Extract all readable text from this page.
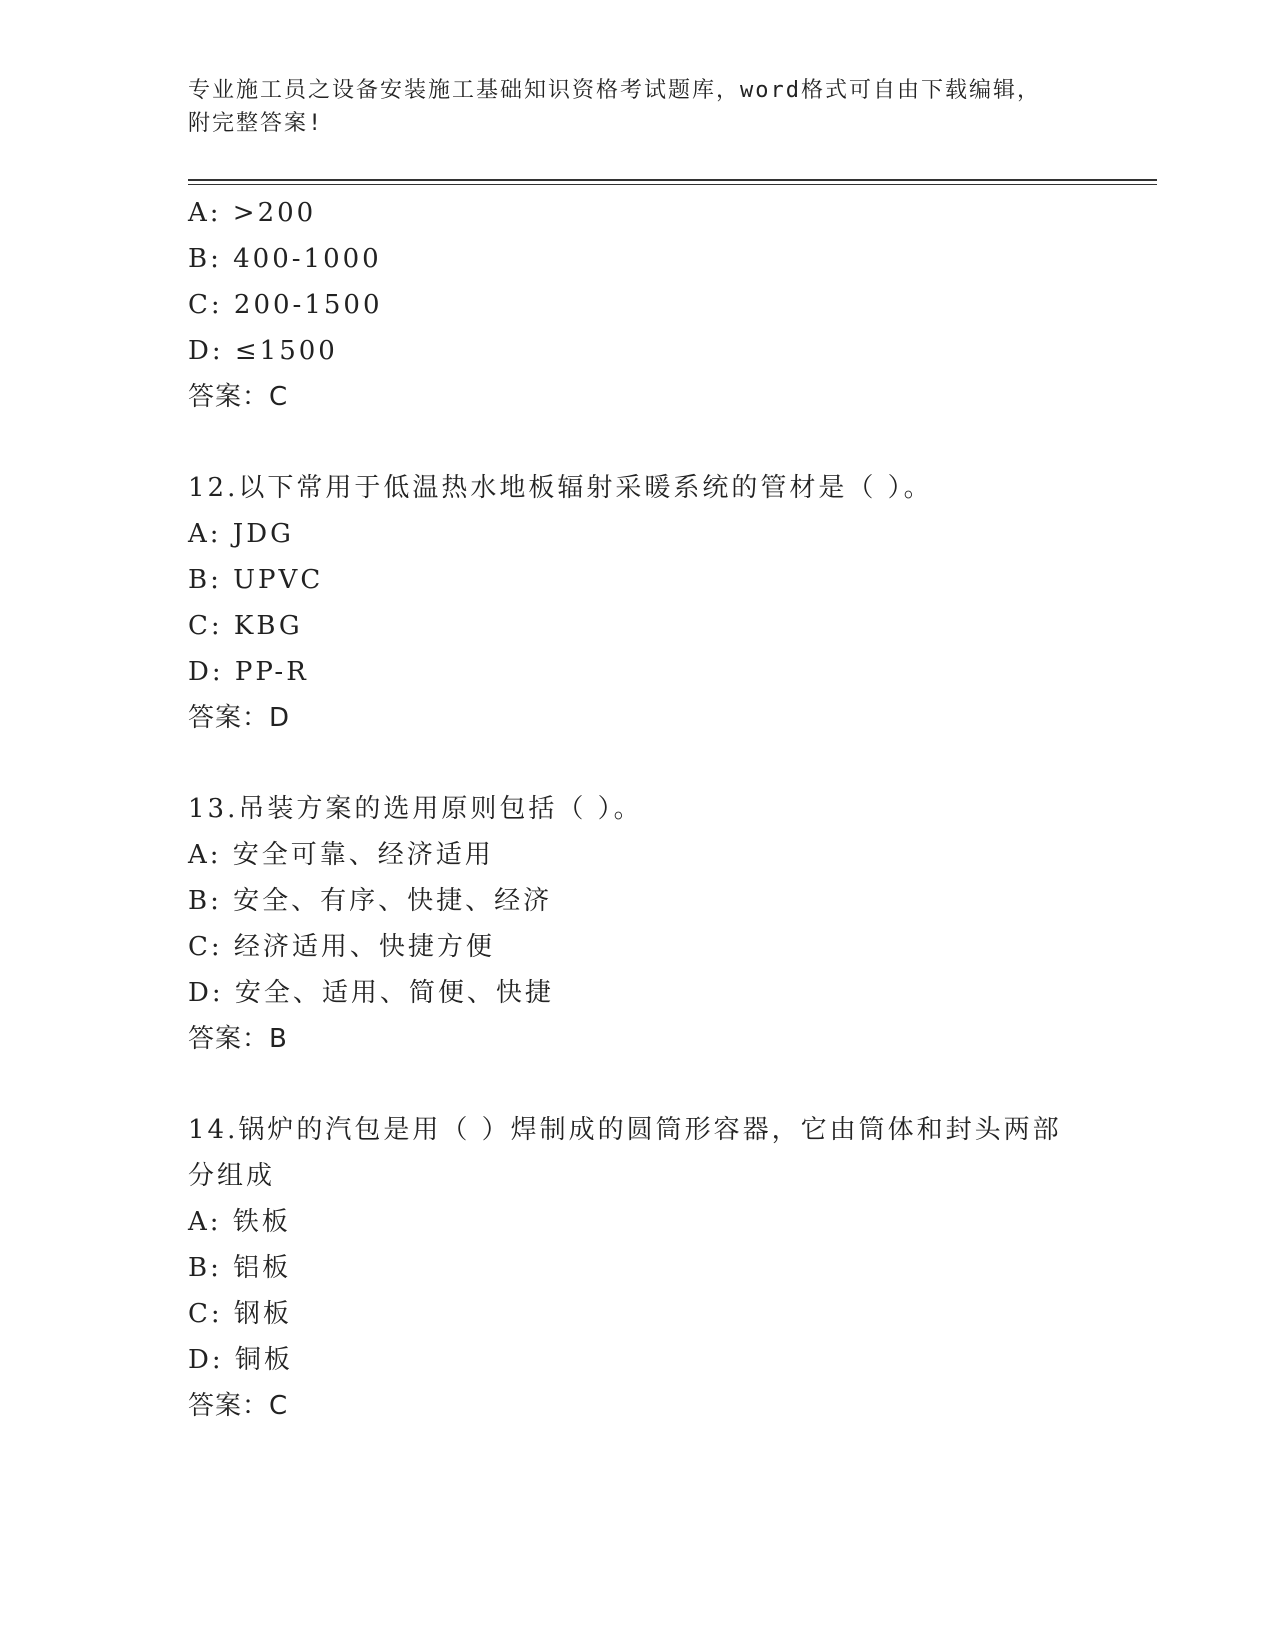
专业施工员之设备安装施工基础知识资格考试题库，word格式可自由下载编辑，
附完整答案!
A: >200
B: 400-1000
C: 200-1500
D: ≤1500
答案：C
12.以下常用于低温热水地板辐射采暖系统的管材是（ ）。
A: JDG
B: UPVC
C: KBG
D: PP-R
答案：D
13.吊装方案的选用原则包括（ ）。
A: 安全可靠、经济适用
B: 安全、有序、快捷、经济
C: 经济适用、快捷方便
D: 安全、适用、简便、快捷
答案：B
14.锅炉的汽包是用（ ）焊制成的圆筒形容器，它由筒体和封头两部
分组成
A: 铁板
B: 铝板
C: 钢板
D: 铜板
答案：C
